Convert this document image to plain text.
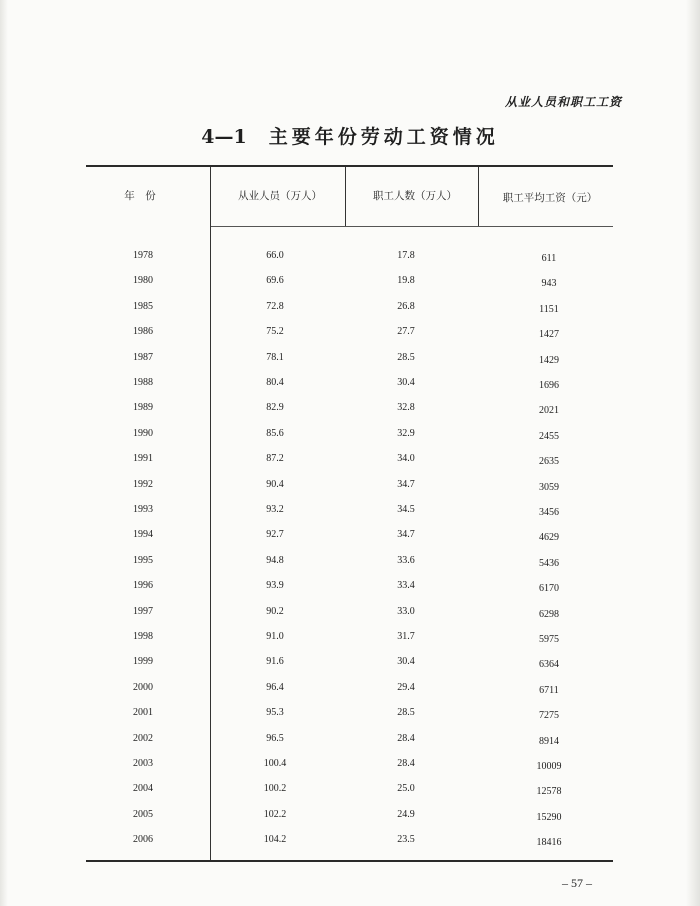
从业人员和职工工资
4—1 主要年份劳动工资情况
年　份	从业人员（万人）	职工人数（万人）	职工平均工资（元）
1978	66.0	17.8	611
1980	69.6	19.8	943
1985	72.8	26.8	1151
1986	75.2	27.7	1427
1987	78.1	28.5	1429
1988	80.4	30.4	1696
1989	82.9	32.8	2021
1990	85.6	32.9	2455
1991	87.2	34.0	2635
1992	90.4	34.7	3059
1993	93.2	34.5	3456
1994	92.7	34.7	4629
1995	94.8	33.6	5436
1996	93.9	33.4	6170
1997	90.2	33.0	6298
1998	91.0	31.7	5975
1999	91.6	30.4	6364
2000	96.4	29.4	6711
2001	95.3	28.5	7275
2002	96.5	28.4	8914
2003	100.4	28.4	10009
2004	100.2	25.0	12578
2005	102.2	24.9	15290
2006	104.2	23.5	18416
– 57 –
